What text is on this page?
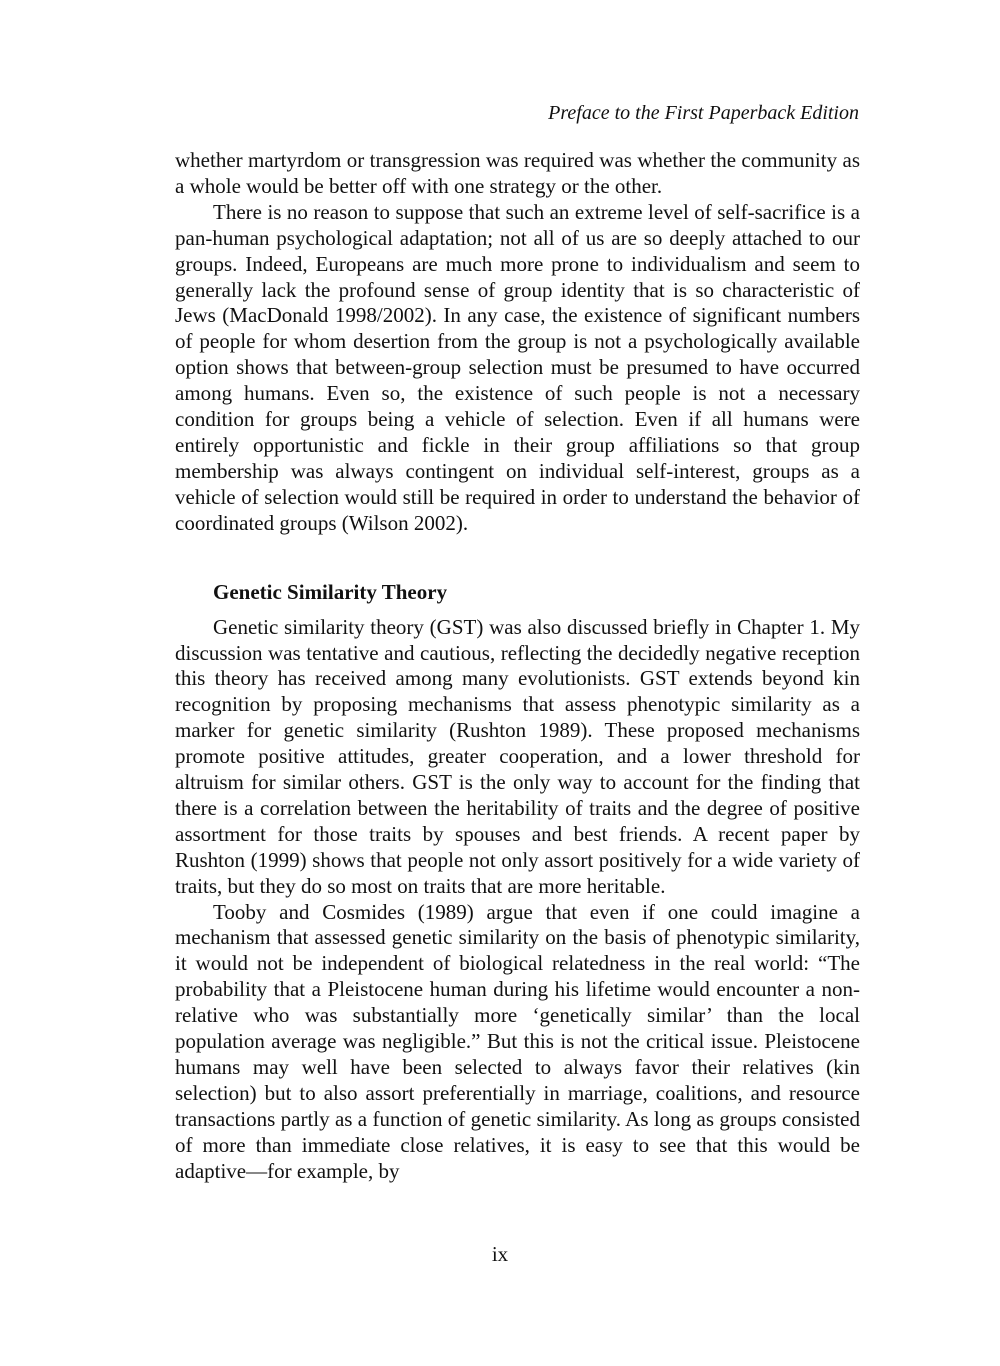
Preface to the First Paperback Edition

whether martyrdom or transgression was required was whether the community as a whole would be better off with one strategy or the other.

There is no reason to suppose that such an extreme level of self-sacrifice is a pan-human psychological adaptation; not all of us are so deeply attached to our groups. Indeed, Europeans are much more prone to individualism and seem to generally lack the profound sense of group identity that is so characteristic of Jews (MacDonald 1998/2002). In any case, the existence of significant numbers of people for whom desertion from the group is not a psychologically available option shows that between-group selection must be presumed to have occurred among humans. Even so, the existence of such people is not a necessary condition for groups being a vehicle of selection. Even if all humans were entirely opportunistic and fickle in their group affiliations so that group membership was always contingent on individual self-interest, groups as a vehicle of selection would still be required in order to understand the behavior of coordinated groups (Wilson 2002).

Genetic Similarity Theory

Genetic similarity theory (GST) was also discussed briefly in Chapter 1. My discussion was tentative and cautious, reflecting the decidedly negative reception this theory has received among many evolutionists. GST extends beyond kin recognition by proposing mechanisms that assess phenotypic similarity as a marker for genetic similarity (Rushton 1989). These proposed mechanisms promote positive attitudes, greater cooperation, and a lower threshold for altruism for similar others. GST is the only way to account for the finding that there is a correlation between the heritability of traits and the degree of positive assortment for those traits by spouses and best friends. A recent paper by Rushton (1999) shows that people not only assort positively for a wide variety of traits, but they do so most on traits that are more heritable.

Tooby and Cosmides (1989) argue that even if one could imagine a mechanism that assessed genetic similarity on the basis of phenotypic similarity, it would not be independent of biological relatedness in the real world: “The probability that a Pleistocene human during his lifetime would encounter a non-relative who was substantially more ‘genetically similar’ than the local population average was negligible.” But this is not the critical issue. Pleistocene humans may well have been selected to always favor their relatives (kin selection) but to also assort preferentially in marriage, coalitions, and resource transactions partly as a function of genetic similarity. As long as groups consisted of more than immediate close relatives, it is easy to see that this would be adaptive—for example, by

ix
